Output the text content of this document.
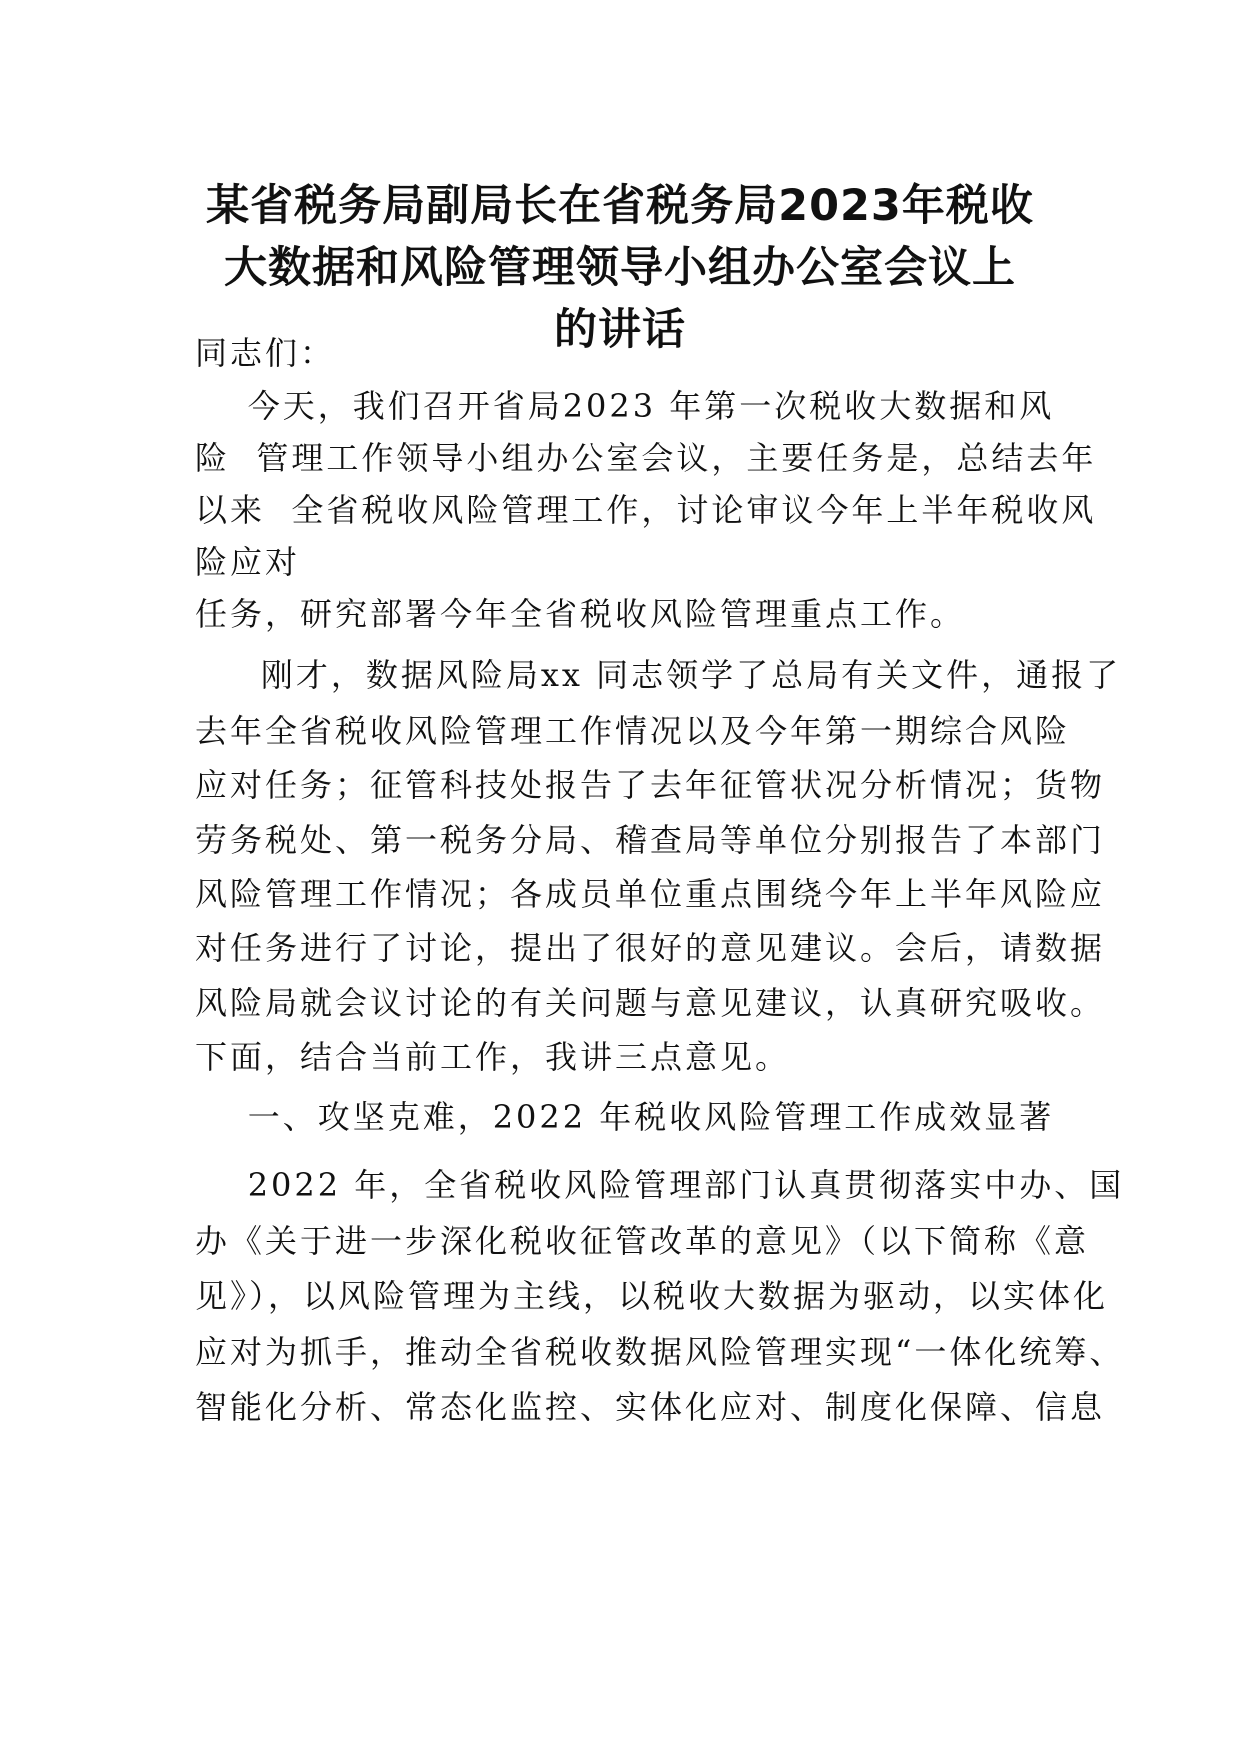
某省税务局副局长在省税务局2023年税收
大数据和风险管理领导小组办公室会议上
的讲话
同志们：
今天，我们召开省局2023 年第一次税收大数据和风
险  管理工作领导小组办公室会议，主要任务是，总结去年
以来  全省税收风险管理工作，讨论审议今年上半年税收风
险应对
任务，研究部署今年全省税收风险管理重点工作。
刚才，数据风险局xx 同志领学了总局有关文件，通报了
去年全省税收风险管理工作情况以及今年第一期综合风险
应对任务；征管科技处报告了去年征管状况分析情况；货物
劳务税处、第一税务分局、稽查局等单位分别报告了本部门
风险管理工作情况；各成员单位重点围绕今年上半年风险应
对任务进行了讨论，提出了很好的意见建议。会后，请数据
风险局就会议讨论的有关问题与意见建议，认真研究吸收。
下面，结合当前工作，我讲三点意见。
一、攻坚克难，2022 年税收风险管理工作成效显著
2022 年，全省税收风险管理部门认真贯彻落实中办、国
办《关于进一步深化税收征管改革的意见》（以下简称《意
见》），以风险管理为主线，以税收大数据为驱动，以实体化
应对为抓手，推动全省税收数据风险管理实现“一体化统筹、
智能化分析、常态化监控、实体化应对、制度化保障、信息
